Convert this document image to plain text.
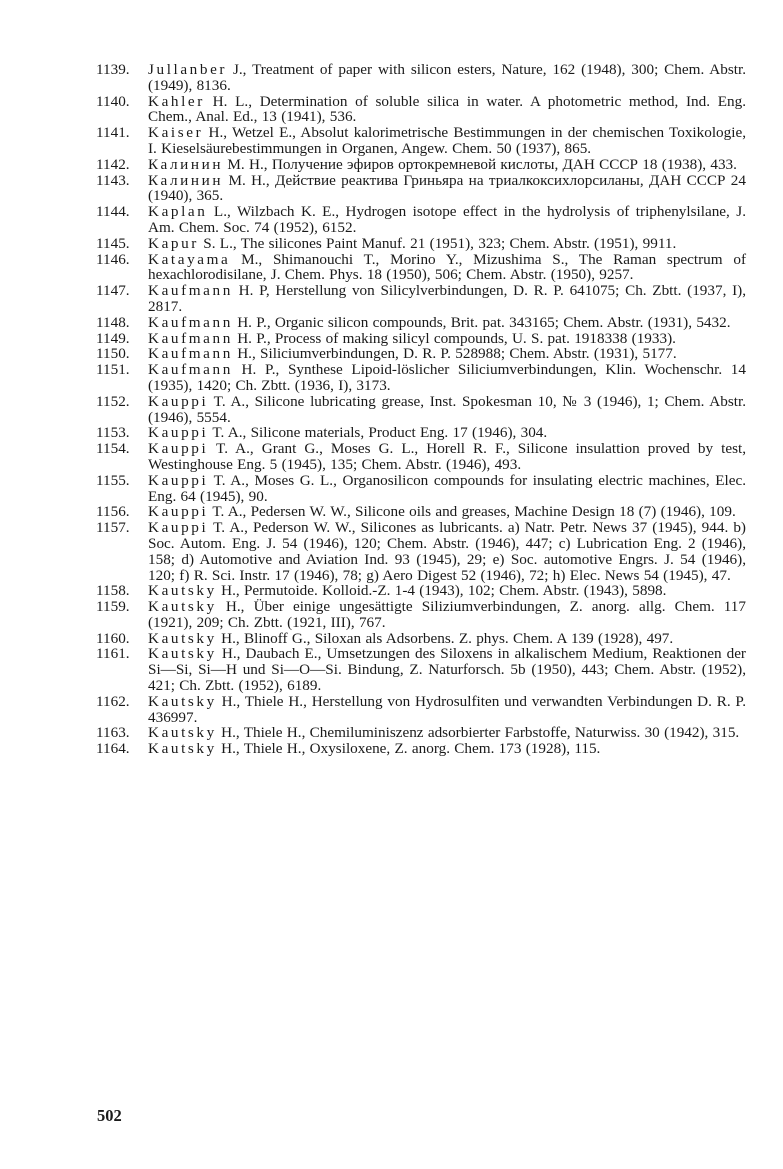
1139.	Jullanber J., Treatment of paper with silicon esters, Nature, 162 (1948), 300; Chem. Abstr. (1949), 8136.
1140.	Kahler H. L., Determination of soluble silica in water. A photometric method, Ind. Eng. Chem., Anal. Ed., 13 (1941), 536.
1141.	Kaiser H., Wetzel E., Absolut kalorimetrische Bestimmungen in der chemischen Toxikologie, I. Kieselsäurebestimmungen in Organen, Angew. Chem. 50 (1937), 865.
1142.	Калинин М. Н., Получение эфиров ортокремневой кислоты, ДАН СССР 18 (1938), 433.
1143.	Калинин М. Н., Действие реактива Гриньяра на триалкоксихлорсиланы, ДАН СССР 24 (1940), 365.
1144.	Kaplan L., Wilzbach K. E., Hydrogen isotope effect in the hydrolysis of triphenylsilane, J. Am. Chem. Soc. 74 (1952), 6152.
1145.	Kapur S. L., The silicones Paint Manuf. 21 (1951), 323; Chem. Abstr. (1951), 9911.
1146.	Katayama M., Shimanouchi T., Morino Y., Mizushima S., The Raman spectrum of hexachlorodisilane, J. Chem. Phys. 18 (1950), 506; Chem. Abstr. (1950), 9257.
1147.	Kaufmann H. P, Herstellung von Silicylverbindungen, D. R. P. 641075; Ch. Zbtt. (1937, I), 2817.
1148.	Kaufmann H. P., Organic silicon compounds, Brit. pat. 343165; Chem. Abstr. (1931), 5432.
1149.	Kaufmann H. P., Process of making silicyl compounds, U. S. pat. 1918338 (1933).
1150.	Kaufmann H., Siliciumverbindungen, D. R. P. 528988; Chem. Abstr. (1931), 5177.
1151.	Kaufmann H. P., Synthese Lipoid-löslicher Siliciumverbindungen, Klin. Wochenschr. 14 (1935), 1420; Ch. Zbtt. (1936, I), 3173.
1152.	Kauppi T. A., Silicone lubricating grease, Inst. Spokesman 10, № 3 (1946), 1; Chem. Abstr. (1946), 5554.
1153.	Kauppi T. A., Silicone materials, Product Eng. 17 (1946), 304.
1154.	Kauppi T. A., Grant G., Moses G. L., Horell R. F., Silicone insulattion proved by test, Westinghouse Eng. 5 (1945), 135; Chem. Abstr. (1946), 493.
1155.	Kauppi T. A., Moses G. L., Organosilicon compounds for insulating electric machines, Elec. Eng. 64 (1945), 90.
1156.	Kauppi T. A., Pedersen W. W., Silicone oils and greases, Machine Design 18 (7) (1946), 109.
1157.	Kauppi T. A., Pederson W. W., Silicones as lubricants. a) Natr. Petr. News 37 (1945), 944. b) Soc. Autom. Eng. J. 54 (1946), 120; Chem. Abstr. (1946), 447; c) Lubrication Eng. 2 (1946), 158; d) Automotive and Aviation Ind. 93 (1945), 29; e) Soc. automotive Engrs. J. 54 (1946), 120; f) R. Sci. Instr. 17 (1946), 78; g) Aero Digest 52 (1946), 72; h) Elec. News 54 (1945), 47.
1158.	Kautsky H., Permutoide. Kolloid.-Z. 1-4 (1943), 102; Chem. Abstr. (1943), 5898.
1159.	Kautsky H., Über einige ungesättigte Siliziumverbindungen, Z. anorg. allg. Chem. 117 (1921), 209; Ch. Zbtt. (1921, III), 767.
1160.	Kautsky H., Blinoff G., Siloxan als Adsorbens. Z. phys. Chem. A 139 (1928), 497.
1161.	Kautsky H., Daubach E., Umsetzungen des Siloxens in alkalischem Medium, Reaktionen der Si—Si, Si—H und Si—O—Si. Bindung, Z. Naturforsch. 5b (1950), 443; Chem. Abstr. (1952), 421; Ch. Zbtt. (1952), 6189.
1162.	Kautsky H., Thiele H., Herstellung von Hydrosulfiten und verwandten Verbindungen D. R. P. 436997.
1163.	Kautsky H., Thiele H., Chemiluminiszenz adsorbierter Farbstoffe, Naturwiss. 30 (1942), 315.
1164.	Kautsky H., Thiele H., Oxysiloxene, Z. anorg. Chem. 173 (1928), 115.
502
